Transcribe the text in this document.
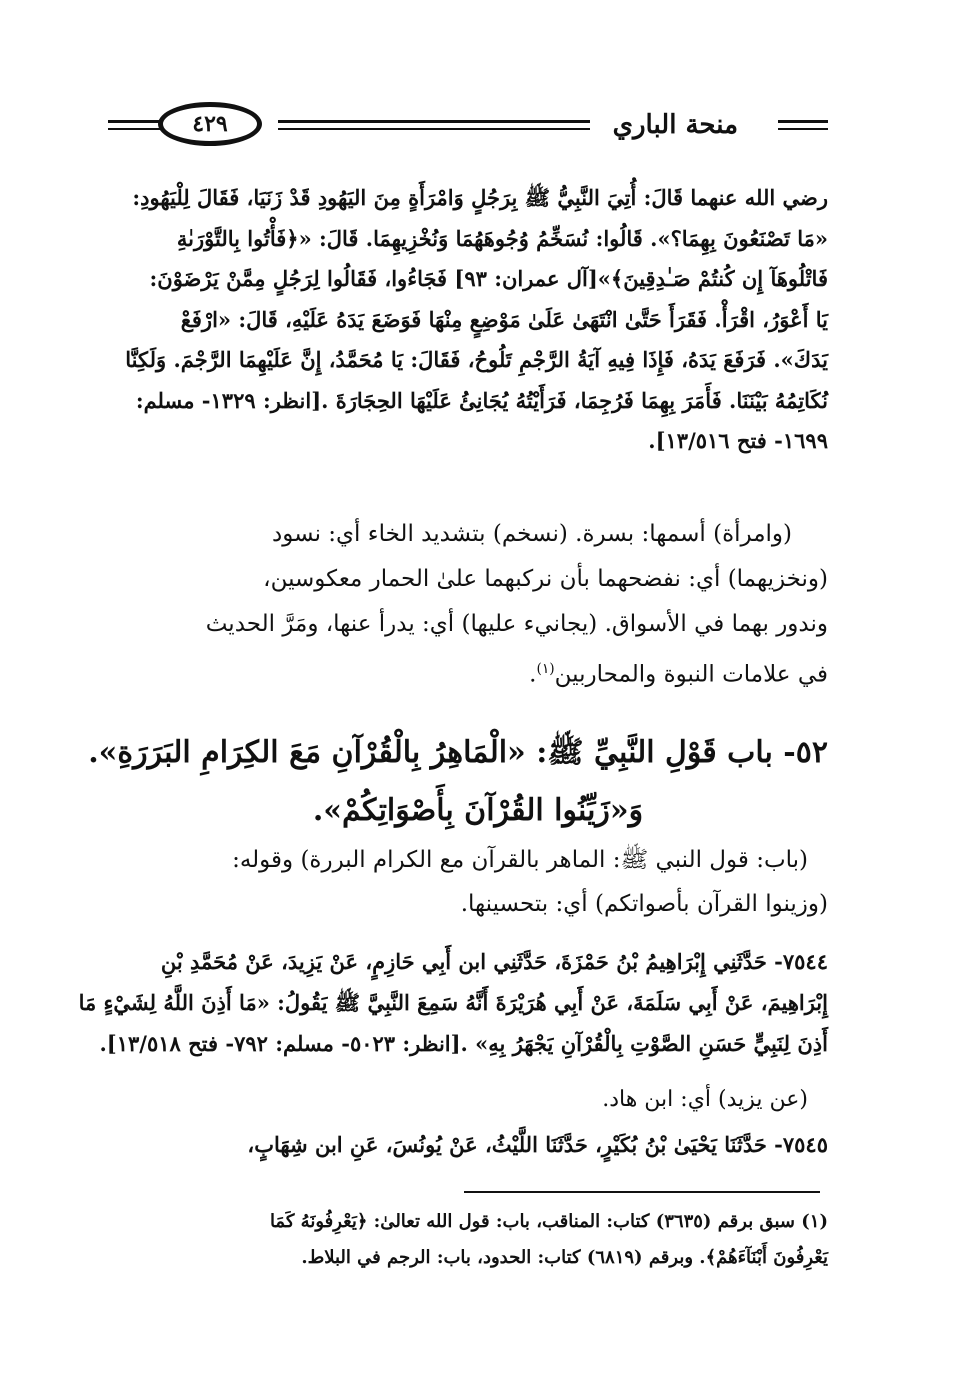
منحة الباري
٤٢٩
رضي الله عنهما قَالَ: أُتِيَ النَّبِيُّ ﷺ بِرَجُلٍ وَامْرَأَةٍ مِنَ اليَهُودِ قَدْ زَنَيَا، فَقَالَ لِلْيَهُودِ:
«مَا تَصْنَعُونَ بِهِمَا؟». قَالُوا: نُسَخِّمُ وُجُوهَهُمَا وَنُخْزِيهِمَا. قَالَ: «﴿فَأْتُوا بِالتَّوْرَىٰةِ
فَاتْلُوهَآ إِن كُنتُمْ صَـٰدِقِينَ﴾»[آل عمران: ٩٣] فَجَاءُوا، فَقَالُوا لِرَجُلٍ مِمَّنْ يَرْضَوْنَ:
يَا أَعْوَرُ، اقْرَأْ. فَقَرَأَ حَتَّىٰ انْتَهَىٰ عَلَىٰ مَوْضِعٍ مِنْهَا فَوَضَعَ يَدَهُ عَلَيْهِ، قَالَ: «ارْفَعْ
يَدَكَ». فَرَفَعَ يَدَهُ، فَإِذَا فِيهِ آيَةُ الرَّجْمِ تَلُوحُ، فَقَالَ: يَا مُحَمَّدُ، إِنَّ عَلَيْهِمَا الرَّجْمَ. وَلَكِنَّا
نُكَاتِمُهُ بَيْنَنَا. فَأَمَرَ بِهِمَا فَرُجِمَا، فَرَأَيْتُهُ يُجَانِئُ عَلَيْهَا الحِجَارَةَ .[انظر: ١٣٢٩- مسلم:
١٦٩٩- فتح ١٣/٥١٦].
(وامرأة) أسمها: بسرة. (نسخم) بتشديد الخاء أي: نسود
(ونخزيهما) أي: نفضحهما بأن نركبهما علىٰ الحمار معكوسين،
وندور بهما في الأسواق. (يجانيء عليها) أي: يدرأ عنها، ومَرَّ الحديث
في علامات النبوة والمحاربين$^{(١)}$.
٥٢- باب قَوْلِ النَّبِيِّ ﷺ: «الْمَاهِرُ بِالْقُرْآنِ مَعَ الكِرَامِ البَرَرَةِ».
وَ«زَيِّنُوا القُرْآنَ بِأَصْوَاتِكُمْ».
(باب: قول النبي ﷺ: الماهر بالقرآن مع الكرام البررة) وقوله:
(وزينوا القرآن بأصواتكم) أي: بتحسينها.
٧٥٤٤- حَدَّثَنِي إِبْرَاهِيمُ بْنُ حَمْزَةَ، حَدَّثَنِي ابن أَبِي حَازِمٍ، عَنْ يَزِيدَ، عَنْ مُحَمَّدِ بْنِ
إِبْرَاهِيمَ، عَنْ أَبِي سَلَمَةَ، عَنْ أَبِي هُرَيْرَةَ أَنَّهُ سَمِعَ النَّبِيَّ ﷺ يَقُولُ: «مَا أَذِنَ اللَّهُ لِشَيْءٍ مَا
أَذِنَ لِنَبِيٍّ حَسَنِ الصَّوْتِ بِالْقُرْآنِ يَجْهَرُ بِهِ» .[انظر: ٥٠٢٣- مسلم: ٧٩٢- فتح ١٣/٥١٨].
(عن يزيد) أي: ابن هاد.
٧٥٤٥- حَدَّثَنَا يَحْيَىٰ بْنُ بُكَيْرٍ، حَدَّثَنَا اللَّيْثُ، عَنْ يُونُسَ، عَنِ ابن شِهَابٍ،
(١) سبق برقم (٣٦٣٥) كتاب: المناقب، باب: قول الله تعالىٰ: ﴿يَعْرِفُونَهُ كَمَا
يَعْرِفُونَ أَبْنَآءَهُمْ﴾. وبرقم (٦٨١٩) كتاب: الحدود، باب: الرجم في البلاط.
